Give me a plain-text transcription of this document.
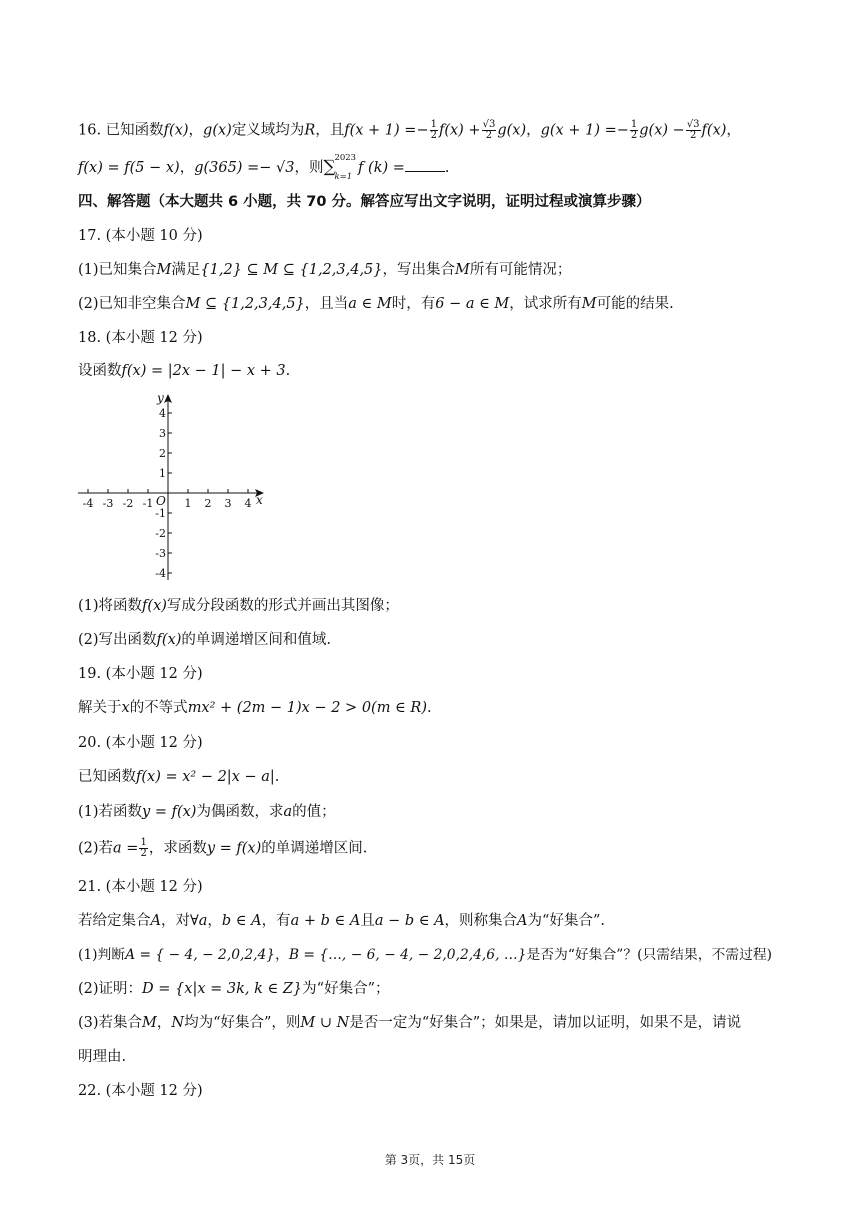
16. 已知函数f(x)，g(x)定义域均为R，且$f(x + 1) =- \frac{1}{2} f(x) + \frac{√3}{2} g(x)$，$g(x + 1) =- \frac{1}{2} g(x) - \frac{√3}{2} f(x)$，
f(x) = f(5 − x)，g(365) =− √3，则∑
2023
k=1
f (k) =	.
四、解答题（本大题共 6 小题，共 70 分。解答应写出文字说明，证明过程或演算步骤）
17. (本小题 10 分)
(1)已知集合M满足{1,2} ⊆ M ⊆ {1,2,3,4,5}，写出集合M所有可能情况；
(2)已知非空集合M ⊆ {1,2,3,4,5}，且当a ∈ M时，有6 − a ∈ M，试求所有M可能的结果.
18. (本小题 12 分)
设函数f(x) = |2x − 1| − x + 3.
-4 -3 -2 -1	1 2 3 4
4
3
2
1
-1
-2
-3
-4
x
y
O
(1)将函数f(x)写成分段函数的形式并画出其图像；
(2)写出函数f(x)的单调递增区间和值域.
19. (本小题 12 分)
解关于x的不等式mx² + (2m − 1)x − 2 > 0(m ∈ R).
20. (本小题 12 分)
已知函数f(x) = x² − 2|x − a|.
(1)若函数y = f(x)为偶函数，求a的值；
(2)若$a = \frac{1}{2}$ ，求函数y = f(x)的单调递增区间.
21. (本小题 12 分)
若给定集合A，对∀a，b ∈ A，有a + b ∈ A且a − b ∈ A，则称集合A为“好集合”.
(1)判断A = { − 4, − 2,0,2,4}，B = {…, − 6, − 4, − 2,0,2,4,6, …}是否为“好集合”？(只需结果，不需过程)
(2)证明：D = {x|x = 3k, k ∈ Z}为“好集合”；
(3)若集合M，N均为“好集合”，则M ∪ N是否一定为“好集合”；如果是，请加以证明，如果不是，请说
明理由.
22. (本小题 12 分)
第 3页，共 15页
